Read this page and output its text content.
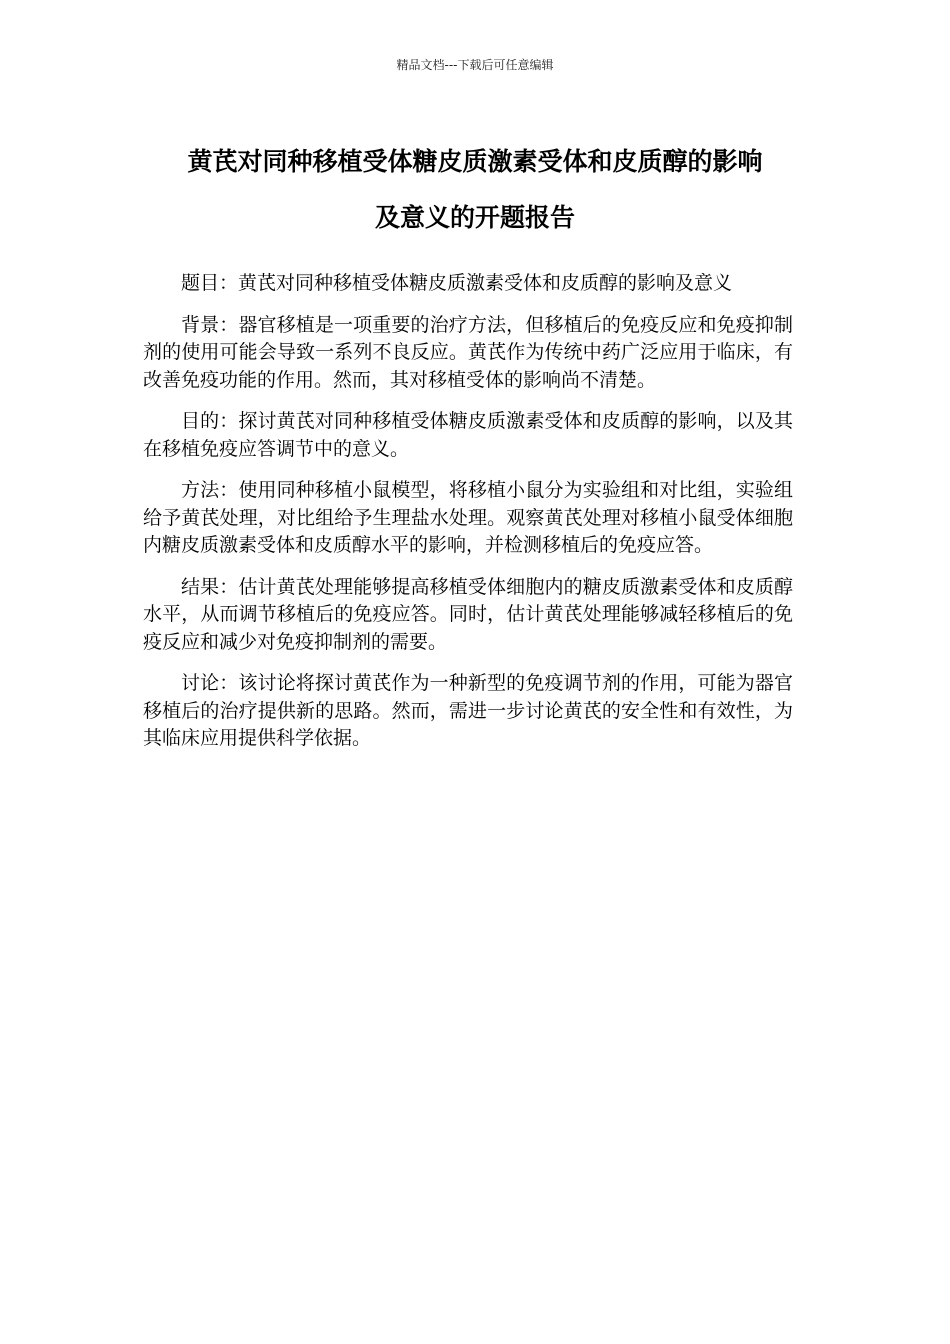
精品文档---下载后可任意编辑
黄芪对同种移植受体糖皮质激素受体和皮质醇的影响
及意义的开题报告

题目：黄芪对同种移植受体糖皮质激素受体和皮质醇的影响及意义

背景：器官移植是一项重要的治疗方法，但移植后的免疫反应和免疫抑制剂的使用可能会导致一系列不良反应。黄芪作为传统中药广泛应用于临床，有改善免疫功能的作用。然而，其对移植受体的影响尚不清楚。

目的：探讨黄芪对同种移植受体糖皮质激素受体和皮质醇的影响，以及其在移植免疫应答调节中的意义。

方法：使用同种移植小鼠模型，将移植小鼠分为实验组和对比组，实验组给予黄芪处理，对比组给予生理盐水处理。观察黄芪处理对移植小鼠受体细胞内糖皮质激素受体和皮质醇水平的影响，并检测移植后的免疫应答。

结果：估计黄芪处理能够提高移植受体细胞内的糖皮质激素受体和皮质醇水平，从而调节移植后的免疫应答。同时，估计黄芪处理能够减轻移植后的免疫反应和减少对免疫抑制剂的需要。

讨论：该讨论将探讨黄芪作为一种新型的免疫调节剂的作用，可能为器官移植后的治疗提供新的思路。然而，需进一步讨论黄芪的安全性和有效性，为其临床应用提供科学依据。
